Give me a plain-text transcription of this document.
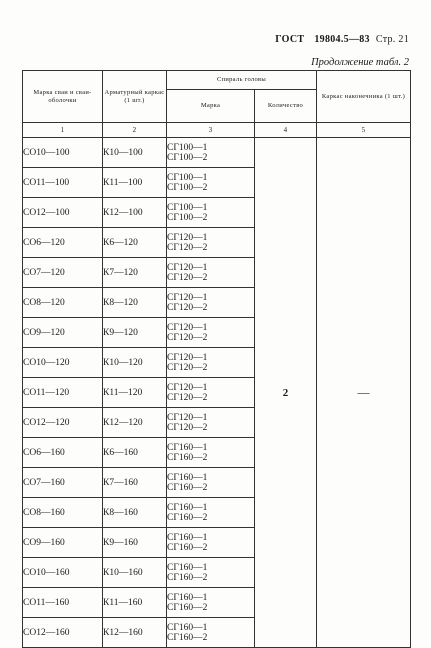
ГОСТ 19804.5—83 Стр. 21
Продолжение табл. 2
Марка сваи и сваи-оболочки	Арматурный каркас (1 шт.)	Спираль головы		Каркас наконечника (1 шт.)
		Марка	Количество	
1	2	3	4	5
СО10—100	К10—100	СГ100—1
СГ100—2	2	—
СО11—100	К11—100	СГ100—1
СГ100—2		

СО12—100	К12—100	СГ100—1
СГ100—2		

СО6—120	К6—120	СГ120—1
СГ120—2		

СО7—120	К7—120	СГ120—1
СГ120—2		

СО8—120	К8—120	СГ120—1
СГ120—2		

СО9—120	К9—120	СГ120—1
СГ120—2		

СО10—120	К10—120	СГ120—1
СГ120—2		

СО11—120	К11—120	СГ120—1
СГ120—2		

СО12—120	К12—120	СГ120—1
СГ120—2		

СО6—160	К6—160	СГ160—1
СГ160—2		

СО7—160	К7—160	СГ160—1
СГ160—2		

СО8—160	К8—160	СГ160—1
СГ160—2		

СО9—160	К9—160	СГ160—1
СГ160—2		

СО10—160	К10—160	СГ160—1
СГ160—2		

СО11—160	К11—160	СГ160—1
СГ160—2		

СО12—160	К12—160	СГ160—1
СГ160—2		
